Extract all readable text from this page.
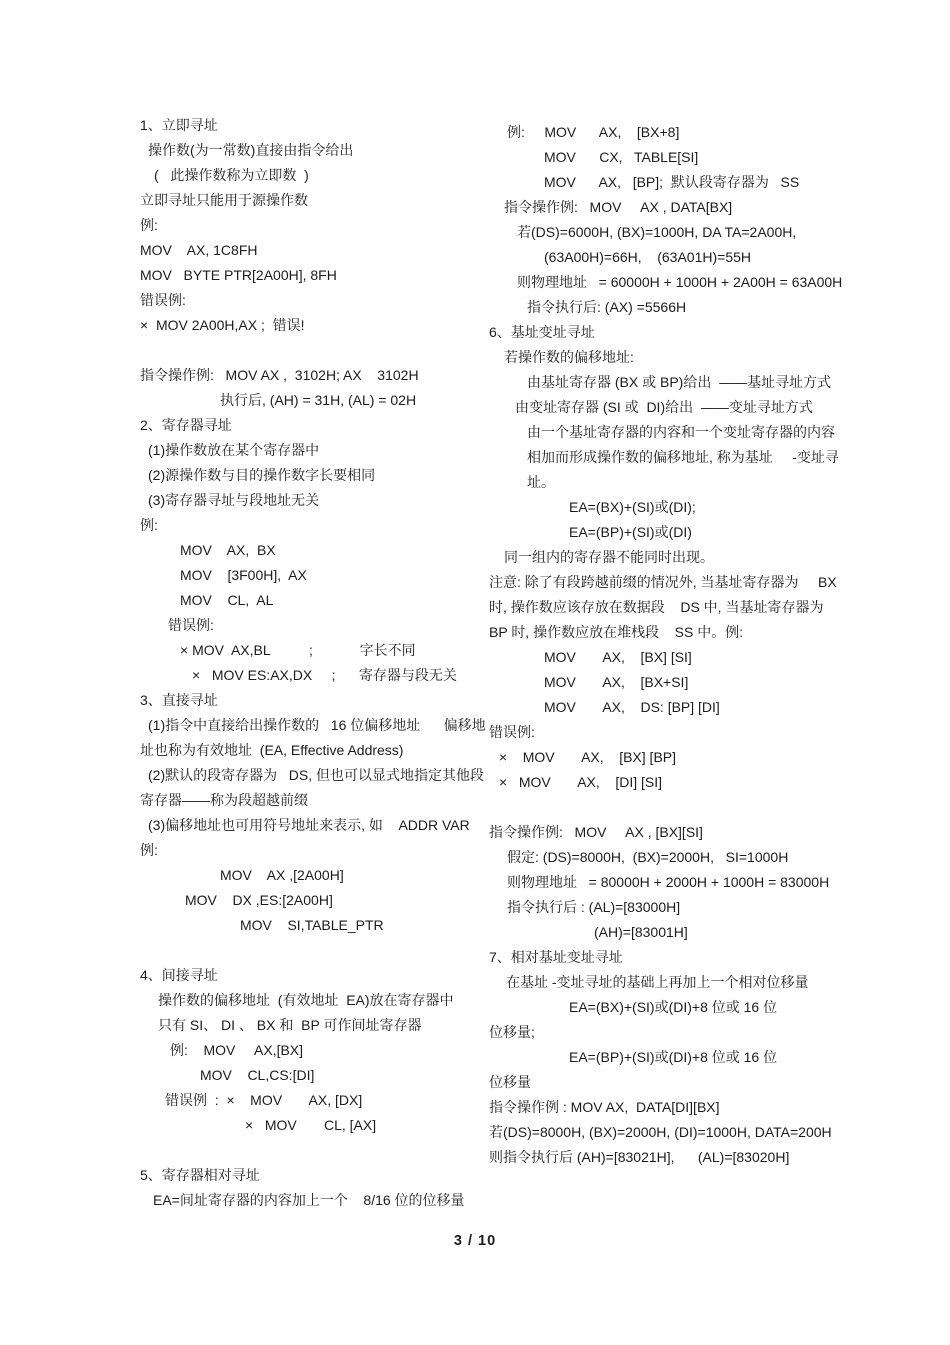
1、立即寻址
操作数(为一常数)直接由指令给出
(   此操作数称为立即数  )
立即寻址只能用于源操作数
例:
MOV    AX, 1C8FH
MOV   BYTE PTR[2A00H], 8FH
错误例:
×  MOV 2A00H,AX ;  错误!

指令操作例:   MOV AX ,  3102H; AX    3102H
执行后, (AH) = 31H, (AL) = 02H
2、寄存器寻址
(1)操作数放在某个寄存器中
(2)源操作数与目的操作数字长要相同
(3)寄存器寻址与段地址无关
例:
MOV    AX,  BX
MOV    [3F00H],  AX
MOV    CL,  AL
错误例:
× MOV  AX,BL          ;            字长不同
×   MOV ES:AX,DX     ;      寄存器与段无关
3、直接寻址
(1)指令中直接给出操作数的   16 位偏移地址      偏移地
址也称为有效地址  (EA, Effective Address)
(2)默认的段寄存器为   DS, 但也可以显式地指定其他段
寄存器——称为段超越前缀
(3)偏移地址也可用符号地址来表示, 如    ADDR VAR
例:
MOV    AX ,[2A00H]
MOV    DX ,ES:[2A00H]
MOV    SI,TABLE_PTR

4、间接寻址
操作数的偏移地址  (有效地址  EA)放在寄存器中
只有 SI、 DI 、 BX 和  BP 可作间址寄存器
例:    MOV     AX,[BX]
MOV    CL,CS:[DI]
错误例  :  ×    MOV       AX, [DX]
×   MOV       CL, [AX]

5、寄存器相对寻址
EA=间址寄存器的内容加上一个    8/16 位的位移量
例:     MOV      AX,    [BX+8]
MOV      CX,   TABLE[SI]
MOV      AX,   [BP];  默认段寄存器为   SS
指令操作例:   MOV     AX , DATA[BX]
若(DS)=6000H, (BX)=1000H, DA TA=2A00H,
(63A00H)=66H,    (63A01H)=55H
则物理地址   = 60000H + 1000H + 2A00H = 63A00H
指令执行后: (AX) =5566H
6、基址变址寻址
若操作数的偏移地址:
由基址寄存器 (BX 或 BP)给出  ——基址寻址方式
由变址寄存器 (SI 或  DI)给出  ——变址寻址方式
由一个基址寄存器的内容和一个变址寄存器的内容
相加而形成操作数的偏移地址, 称为基址     -变址寻
址。
EA=(BX)+(SI)或(DI);
EA=(BP)+(SI)或(DI)
同一组内的寄存器不能同时出现。
注意: 除了有段跨越前缀的情况外, 当基址寄存器为     BX
时, 操作数应该存放在数据段    DS 中, 当基址寄存器为
BP 时, 操作数应放在堆栈段    SS 中。例:
MOV       AX,    [BX] [SI]
MOV       AX,    [BX+SI]
MOV       AX,    DS: [BP] [DI]
错误例:
×    MOV       AX,    [BX] [BP]
×   MOV       AX,    [DI] [SI]

指令操作例:   MOV     AX , [BX][SI]
假定: (DS)=8000H,  (BX)=2000H,   SI=1000H
则物理地址   = 80000H + 2000H + 1000H = 83000H
指令执行后 : (AL)=[83000H]
(AH)=[83001H]
7、相对基址变址寻址
在基址 -变址寻址的基础上再加上一个相对位移量
EA=(BX)+(SI)或(DI)+8 位或 16 位
位移量;
EA=(BP)+(SI)或(DI)+8 位或 16 位
位移量
指令操作例 : MOV AX,  DATA[DI][BX]
若(DS)=8000H, (BX)=2000H, (DI)=1000H, DATA=200H
则指令执行后 (AH)=[83021H],      (AL)=[83020H]
3 / 10
